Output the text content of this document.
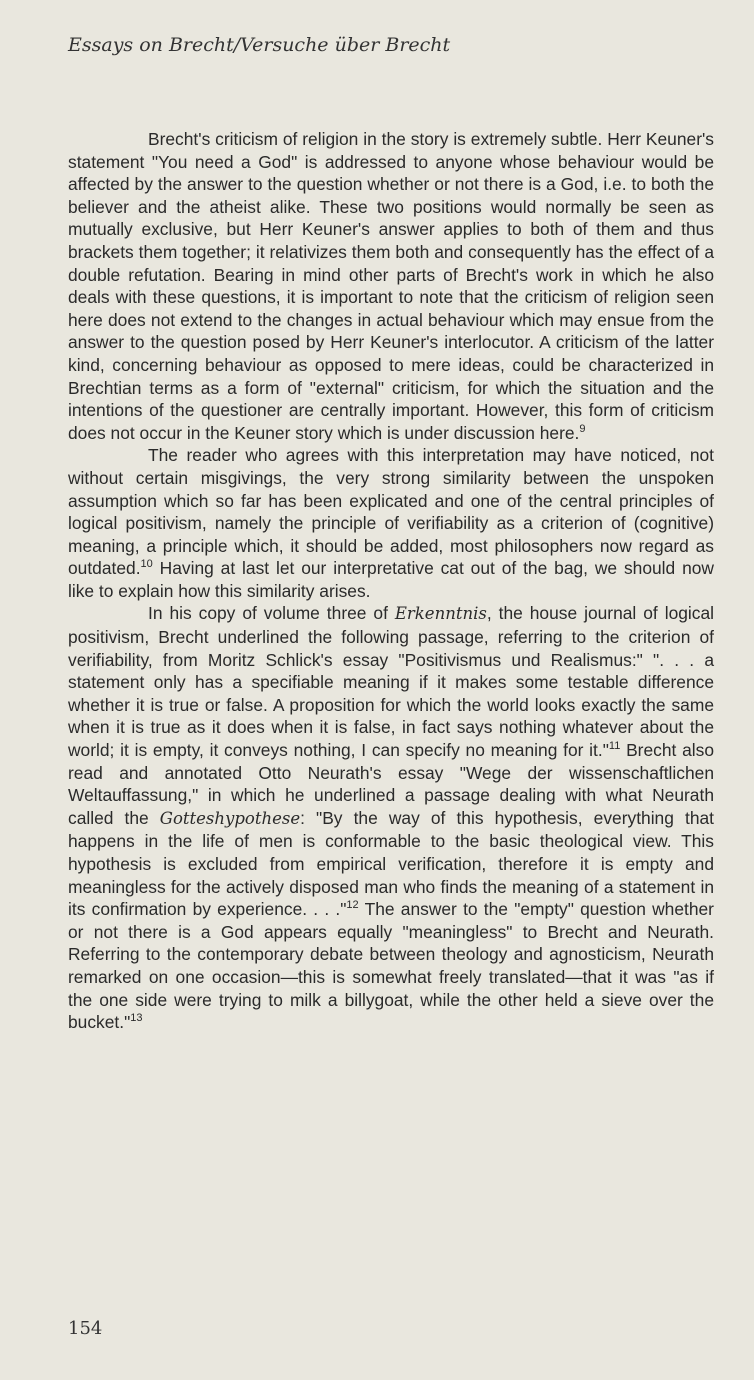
Essays on Brecht/Versuche über Brecht

Brecht's criticism of religion in the story is extremely subtle. Herr Keuner's statement "You need a God" is addressed to anyone whose behaviour would be affected by the answer to the question whether or not there is a God, i.e. to both the believer and the atheist alike. These two positions would normally be seen as mutually exclusive, but Herr Keuner's answer applies to both of them and thus brackets them together; it relativizes them both and consequently has the effect of a double refutation. Bearing in mind other parts of Brecht's work in which he also deals with these questions, it is important to note that the criticism of religion seen here does not extend to the changes in actual behaviour which may ensue from the answer to the question posed by Herr Keuner's interlocutor. A criticism of the latter kind, concerning behaviour as opposed to mere ideas, could be characterized in Brechtian terms as a form of "external" criticism, for which the situation and the intentions of the questioner are centrally important. However, this form of criticism does not occur in the Keuner story which is under discussion here.$^9$

The reader who agrees with this interpretation may have noticed, not without certain misgivings, the very strong similarity between the unspoken assumption which so far has been explicated and one of the central principles of logical positivism, namely the principle of verifiability as a criterion of (cognitive) meaning, a principle which, it should be added, most philosophers now regard as outdated.$^{10}$ Having at last let our interpretative cat out of the bag, we should now like to explain how this similarity arises.

In his copy of volume three of Erkenntnis, the house journal of logical positivism, Brecht underlined the following passage, referring to the criterion of verifiability, from Moritz Schlick's essay "Positivismus und Realismus:" ". . . a statement only has a specifiable meaning if it makes some testable difference whether it is true or false. A proposition for which the world looks exactly the same when it is true as it does when it is false, in fact says nothing whatever about the world; it is empty, it conveys nothing, I can specify no meaning for it."$^{11}$ Brecht also read and annotated Otto Neurath's essay "Wege der wissenschaftlichen Weltauffassung," in which he underlined a passage dealing with what Neurath called the Gotteshypothese: "By the way of this hypothesis, everything that happens in the life of men is conformable to the basic theological view. This hypothesis is excluded from empirical verification, therefore it is empty and meaningless for the actively disposed man who finds the meaning of a statement in its confirmation by experience. . . ."$^{12}$ The answer to the "empty" question whether or not there is a God appears equally "meaningless" to Brecht and Neurath. Referring to the contemporary debate between theology and agnosticism, Neurath remarked on one occasion—this is somewhat freely translated—that it was "as if the one side were trying to milk a billygoat, while the other held a sieve over the bucket."$^{13}$

154
